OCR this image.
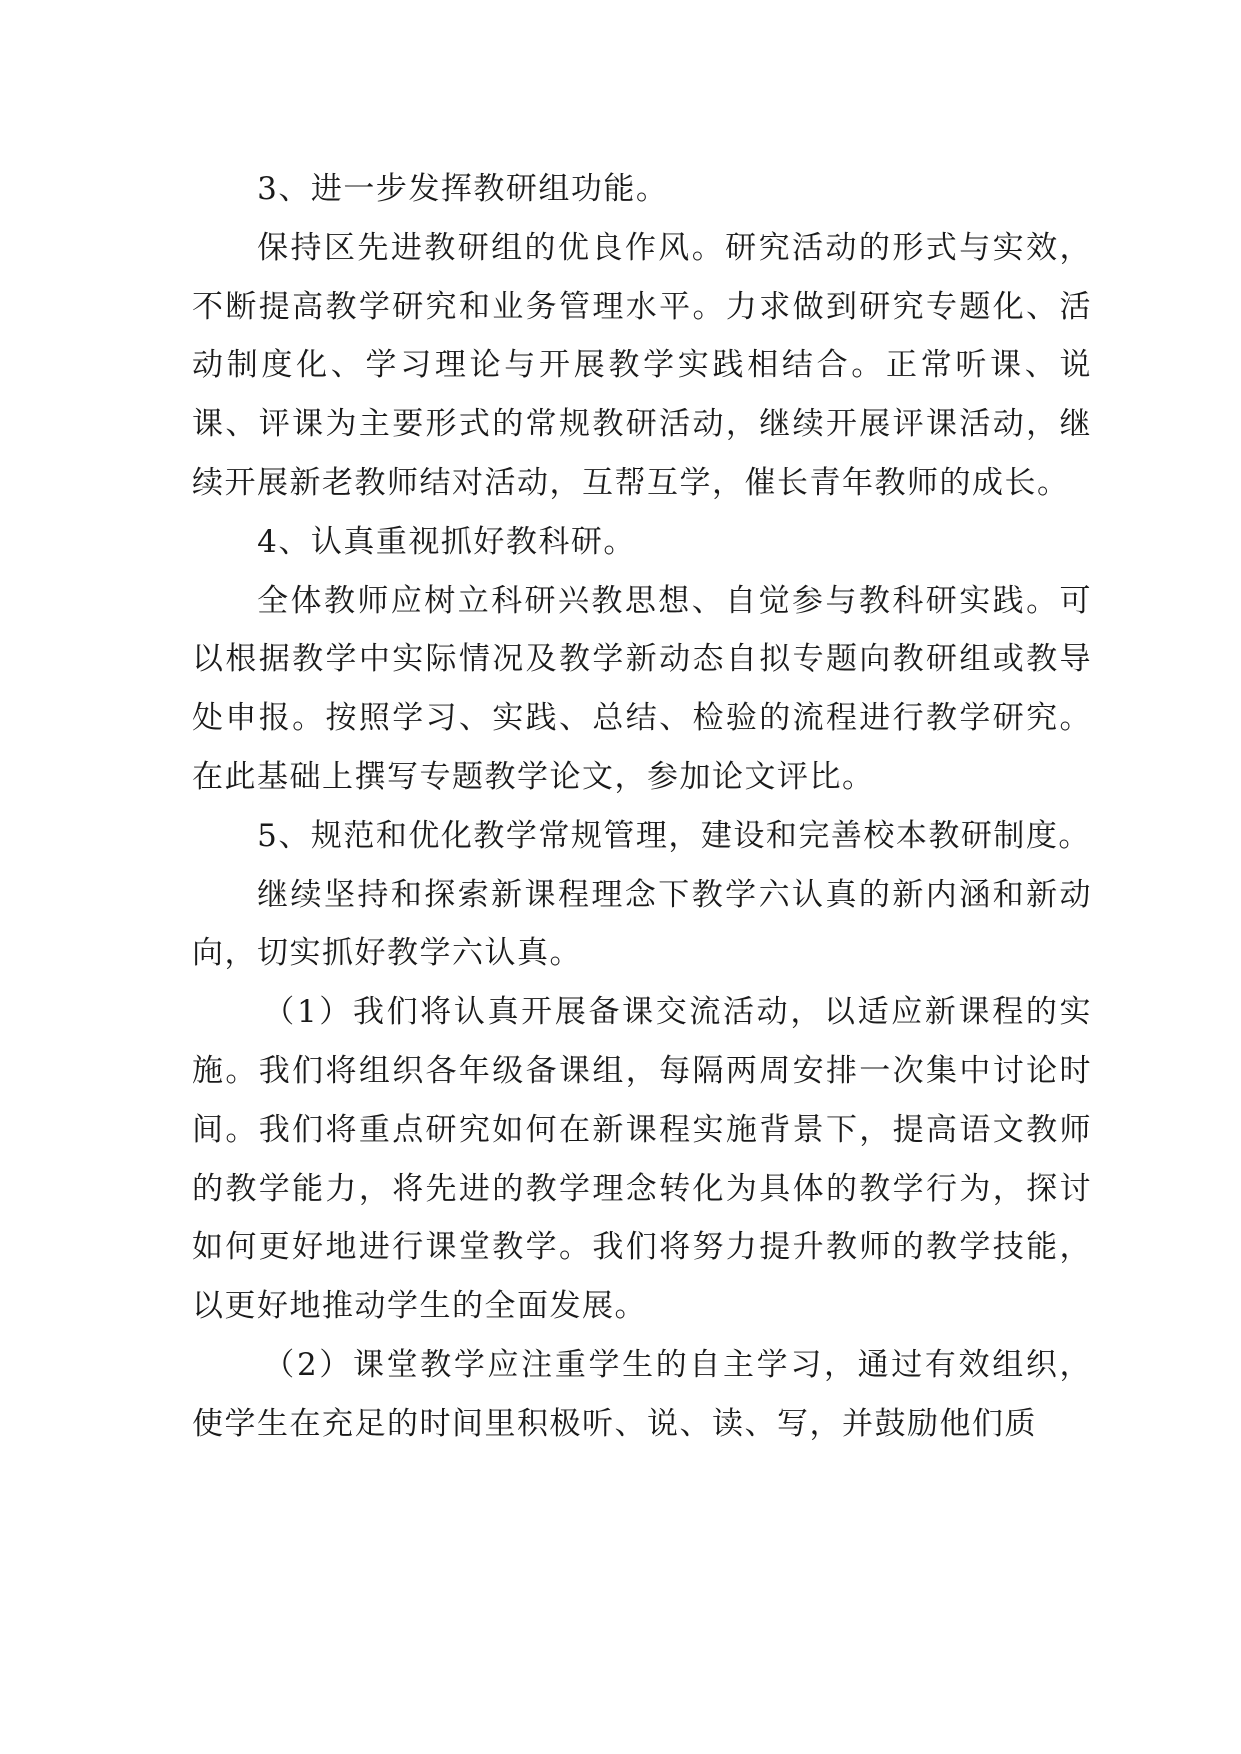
3、进一步发挥教研组功能。

保持区先进教研组的优良作风。研究活动的形式与实效，不断提高教学研究和业务管理水平。力求做到研究专题化、活动制度化、学习理论与开展教学实践相结合。正常听课、说课、评课为主要形式的常规教研活动，继续开展评课活动，继续开展新老教师结对活动，互帮互学，催长青年教师的成长。

4、认真重视抓好教科研。

全体教师应树立科研兴教思想、自觉参与教科研实践。可以根据教学中实际情况及教学新动态自拟专题向教研组或教导处申报。按照学习、实践、总结、检验的流程进行教学研究。在此基础上撰写专题教学论文，参加论文评比。

5、规范和优化教学常规管理，建设和完善校本教研制度。

继续坚持和探索新课程理念下教学六认真的新内涵和新动向，切实抓好教学六认真。

（1）我们将认真开展备课交流活动，以适应新课程的实施。我们将组织各年级备课组，每隔两周安排一次集中讨论时间。我们将重点研究如何在新课程实施背景下，提高语文教师的教学能力，将先进的教学理念转化为具体的教学行为，探讨如何更好地进行课堂教学。我们将努力提升教师的教学技能，以更好地推动学生的全面发展。

（2）课堂教学应注重学生的自主学习，通过有效组织，使学生在充足的时间里积极听、说、读、写，并鼓励他们质
